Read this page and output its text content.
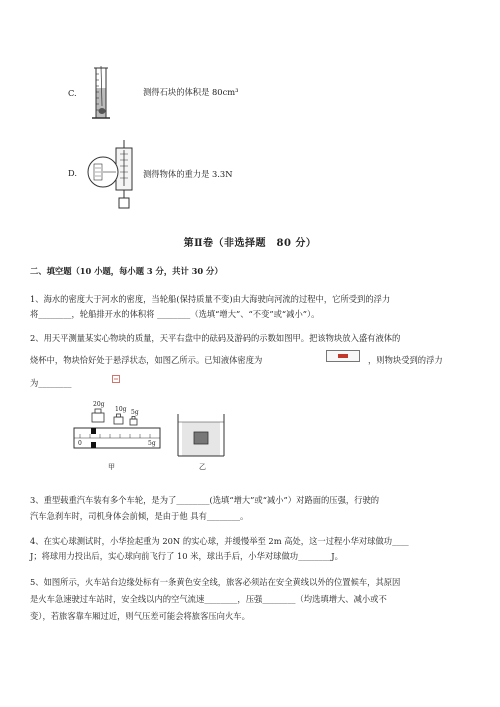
C.	测得石块的体积是 80cm³
D.	测得物体的重力是 3.3N
第Ⅱ卷（非选择题　80 分）
二、填空题（10 小题，每小题 3 分，共计 30 分）
1、海水的密度大于河水的密度，当轮船(保持质量不变)由大海驶向河流的过程中，它所受到的浮力
将________，轮船排开水的体积将 ________（选填“增大”、“不变”或“减小”）。
2、用天平测量某实心物块的质量，天平右盘中的砝码及游码的示数如图甲。把该物块放入盛有液体的
烧杯中，物块恰好处于悬浮状态，如图乙所示。已知液体密度为	，则物块受到的浮力
为________
20g
10g 5g
0	5g
甲	乙
3、重型载重汽车装有多个车轮，是为了________(选填“增大”或“减小”）对路面的压强，行驶的
汽车急刹车时，司机身体会前倾，是由于他 具有________。
4、在实心球测试时，小华捡起重为 20N 的实心球，并缓慢举至 2m 高处，这一过程小华对球做功____
J；将球用力投出后，实心球向前飞行了 10 米，球出手后，小华对球做功________J。
5、如图所示，火车站台边缘处标有一条黄色安全线，旅客必须站在安全黄线以外的位置候车，其原因
是火车急速驶过车站时，安全线以内的空气流速________，压强________（均选填增大、减小或不
变），若旅客靠车厢过近，则气压差可能会将旅客压向火车。
